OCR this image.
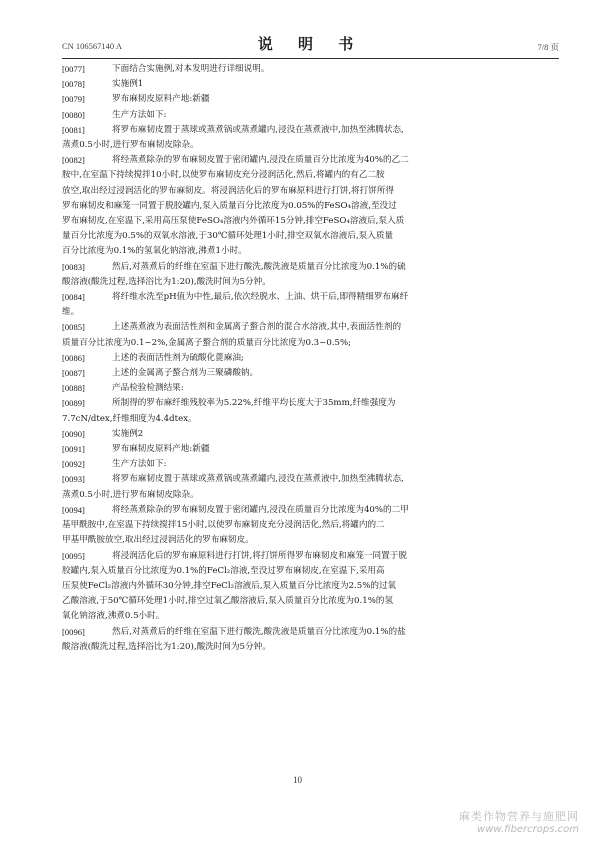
CN 106567140 A	说 明 书	7/8 页
[0077]	下面结合实施例,对本发明进行详细说明。
[0078]	实施例1
[0079]	罗布麻韧皮原料产地:新疆
[0080]	生产方法如下:
[0081]	将罗布麻韧皮置于蒸球或蒸煮锅或蒸煮罐内,浸没在蒸煮液中,加热至沸腾状态,
蒸煮0.5小时,进行罗布麻韧皮除杂。
[0082]	将经蒸煮除杂的罗布麻韧皮置于密闭罐内,浸没在质量百分比浓度为40%的乙二
胺中,在室温下持续搅拌10小时,以使罗布麻韧皮充分浸润活化,然后,将罐内的有乙二胺
放空,取出经过浸润活化的罗布麻韧皮。将浸润活化后的罗布麻原料进行打饼,将打饼所得
罗布麻韧皮和麻笼一同置于脱胶罐内,泵入质量百分比浓度为0.05%的FeSO₄溶液,至没过
罗布麻韧皮,在室温下,采用高压泵使FeSO₄溶液内外循环15分钟,排空FeSO₄溶液后,泵入质
量百分比浓度为0.5%的双氧水溶液,于30℃循环处理1小时,排空双氧水溶液后,泵入质量
百分比浓度为0.1%的氢氧化钠溶液,沸煮1小时。
[0083]	然后,对蒸煮后的纤维在室温下进行酸洗,酸洗液是质量百分比浓度为0.1%的硫
酸溶液(酸洗过程,选择浴比为1:20),酸洗时间为5分钟。
[0084]	将纤维水洗至pH值为中性,最后,依次经脱水、上油、烘干后,即得精细罗布麻纤
维。
[0085]	上述蒸煮液为表面活性剂和金属离子螯合剂的混合水溶液,其中,表面活性剂的
质量百分比浓度为0.1~2%,金属离子螯合剂的质量百分比浓度为0.3~0.5%;
[0086]	上述的表面活性剂为硫酸化蓖麻油;
[0087]	上述的金属离子螯合剂为三聚磷酸钠。
[0088]	产品检验检测结果:
[0089]	所制得的罗布麻纤维残胶率为5.22%,纤维平均长度大于35mm,纤维强度为
7.7cN/dtex,纤维细度为4.4dtex。
[0090]	实施例2
[0091]	罗布麻韧皮原料产地:新疆
[0092]	生产方法如下:
[0093]	将罗布麻韧皮置于蒸球或蒸煮锅或蒸煮罐内,浸没在蒸煮液中,加热至沸腾状态,
蒸煮0.5小时,进行罗布麻韧皮除杂。
[0094]	将经蒸煮除杂的罗布麻韧皮置于密闭罐内,浸没在质量百分比浓度为40%的二甲
基甲酰胺中,在室温下持续搅拌15小时,以使罗布麻韧皮充分浸润活化,然后,将罐内的二
甲基甲酰胺放空,取出经过浸润活化的罗布麻韧皮。
[0095]	将浸润活化后的罗布麻原料进行打饼,将打饼所得罗布麻韧皮和麻笼一同置于脱
胶罐内,泵入质量百分比浓度为0.1%的FeCl₂溶液,至没过罗布麻韧皮,在室温下,采用高
压泵使FeCl₂溶液内外循环30分钟,排空FeCl₂溶液后,泵入质量百分比浓度为2.5%的过氧
乙酸溶液,于50℃循环处理1小时,排空过氧乙酸溶液后,泵入质量百分比浓度为0.1%的氢
氧化钠溶液,沸煮0.5小时。
[0096]	然后,对蒸煮后的纤维在室温下进行酸洗,酸洗液是质量百分比浓度为0.1%的盐
酸溶液(酸洗过程,选择浴比为1:20),酸洗时间为5分钟。
10
麻类作物营养与施肥网
www.fibercrops.com
